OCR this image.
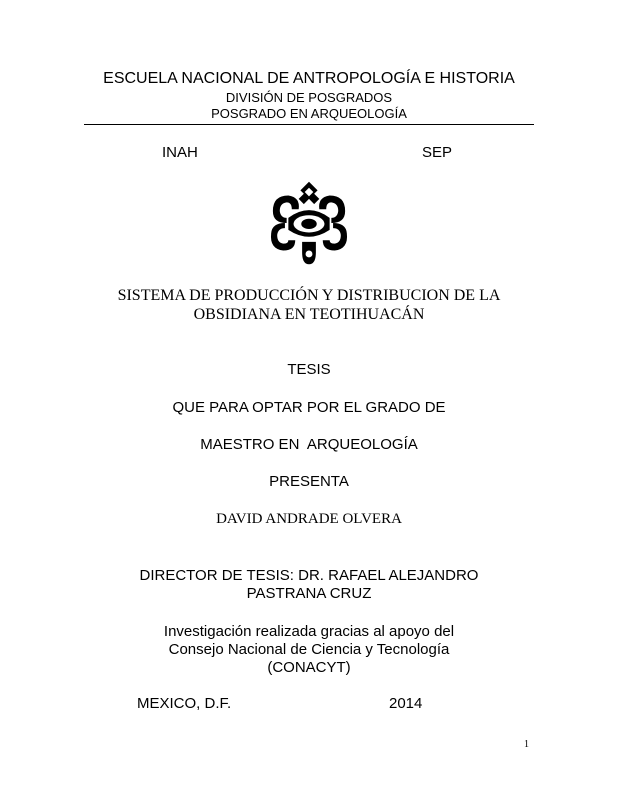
ESCUELA NACIONAL DE ANTROPOLOGÍA E HISTORIA
DIVISIÓN DE POSGRADOS
POSGRADO EN ARQUEOLOGÍA
INAH	SEP
SISTEMA DE PRODUCCIÓN Y DISTRIBUCION DE LA
OBSIDIANA EN TEOTIHUACÁN
TESIS
QUE PARA OPTAR POR EL GRADO DE
MAESTRO EN  ARQUEOLOGÍA
PRESENTA
DAVID ANDRADE OLVERA
DIRECTOR DE TESIS: DR. RAFAEL ALEJANDRO
PASTRANA CRUZ
Investigación realizada gracias al apoyo del
Consejo Nacional de Ciencia y Tecnología
(CONACYT)
MEXICO, D.F.	2014
1
